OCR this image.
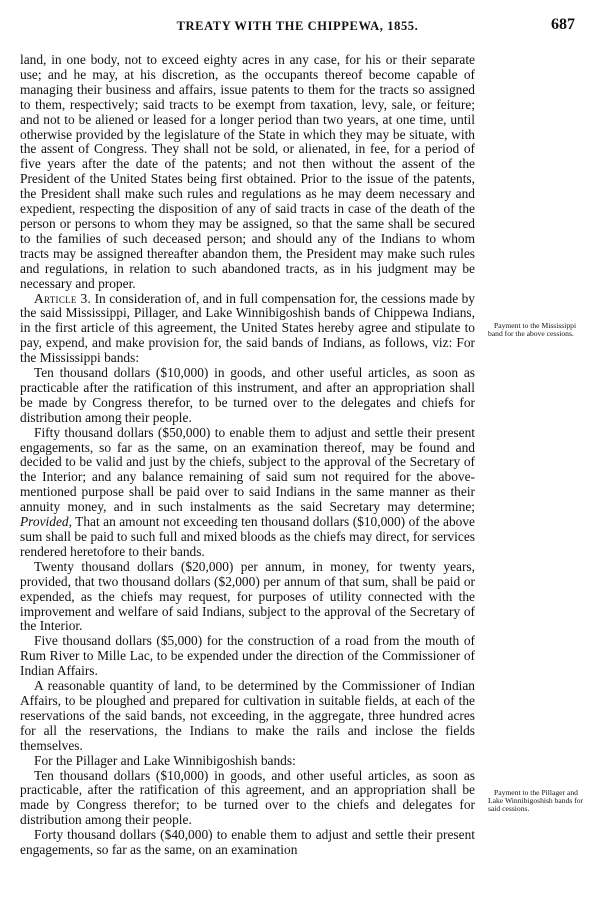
TREATY WITH THE CHIPPEWA, 1855.	687

land, in one body, not to exceed eighty acres in any case, for his or their separate use; and he may, at his discretion, as the occupants thereof become capable of managing their business and affairs, issue patents to them for the tracts so assigned to them, respectively; said tracts to be exempt from taxation, levy, sale, or feiture; and not to be aliened or leased for a longer period than two years, at one time, until otherwise provided by the legislature of the State in which they may be situate, with the assent of Congress. They shall not be sold, or alienated, in fee, for a period of five years after the date of the patents; and not then without the assent of the President of the United States being first obtained. Prior to the issue of the patents, the President shall make such rules and regulations as he may deem necessary and expedient, respecting the disposition of any of said tracts in case of the death of the person or persons to whom they may be assigned, so that the same shall be secured to the families of such deceased person; and should any of the Indians to whom tracts may be assigned thereafter abandon them, the President may make such rules and regulations, in relation to such abandoned tracts, as in his judgment may be necessary and proper.

Article 3. In consideration of, and in full compensation for, the cessions made by the said Mississippi, Pillager, and Lake Winnibigoshish bands of Chippewa Indians, in the first article of this agreement, the United States hereby agree and stipulate to pay, expend, and make provision for, the said bands of Indians, as follows, viz: For the Mississippi bands:

Ten thousand dollars ($10,000) in goods, and other useful articles, as soon as practicable after the ratification of this instrument, and after an appropriation shall be made by Congress therefor, to be turned over to the delegates and chiefs for distribution among their people.

Fifty thousand dollars ($50,000) to enable them to adjust and settle their present engagements, so far as the same, on an examination thereof, may be found and decided to be valid and just by the chiefs, subject to the approval of the Secretary of the Interior; and any balance remaining of said sum not required for the above-mentioned purpose shall be paid over to said Indians in the same manner as their annuity money, and in such instalments as the said Secretary may determine; Provided, That an amount not exceeding ten thousand dollars ($10,000) of the above sum shall be paid to such full and mixed bloods as the chiefs may direct, for services rendered heretofore to their bands.

Twenty thousand dollars ($20,000) per annum, in money, for twenty years, provided, that two thousand dollars ($2,000) per annum of that sum, shall be paid or expended, as the chiefs may request, for purposes of utility connected with the improvement and welfare of said Indians, subject to the approval of the Secretary of the Interior.

Five thousand dollars ($5,000) for the construction of a road from the mouth of Rum River to Mille Lac, to be expended under the direction of the Commissioner of Indian Affairs.

A reasonable quantity of land, to be determined by the Commissioner of Indian Affairs, to be ploughed and prepared for cultivation in suitable fields, at each of the reservations of the said bands, not exceeding, in the aggregate, three hundred acres for all the reservations, the Indians to make the rails and inclose the fields themselves.

For the Pillager and Lake Winnibigoshish bands:

Ten thousand dollars ($10,000) in goods, and other useful articles, as soon as practicable, after the ratification of this agreement, and an appropriation shall be made by Congress therefor; to be turned over to the chiefs and delegates for distribution among their people.

Forty thousand dollars ($40,000) to enable them to adjust and settle their present engagements, so far as the same, on an examination

Payment to the Mississippi band for the above cessions.
Payment to the Pillager and Lake Winnibigoshish bands for said cessions.
